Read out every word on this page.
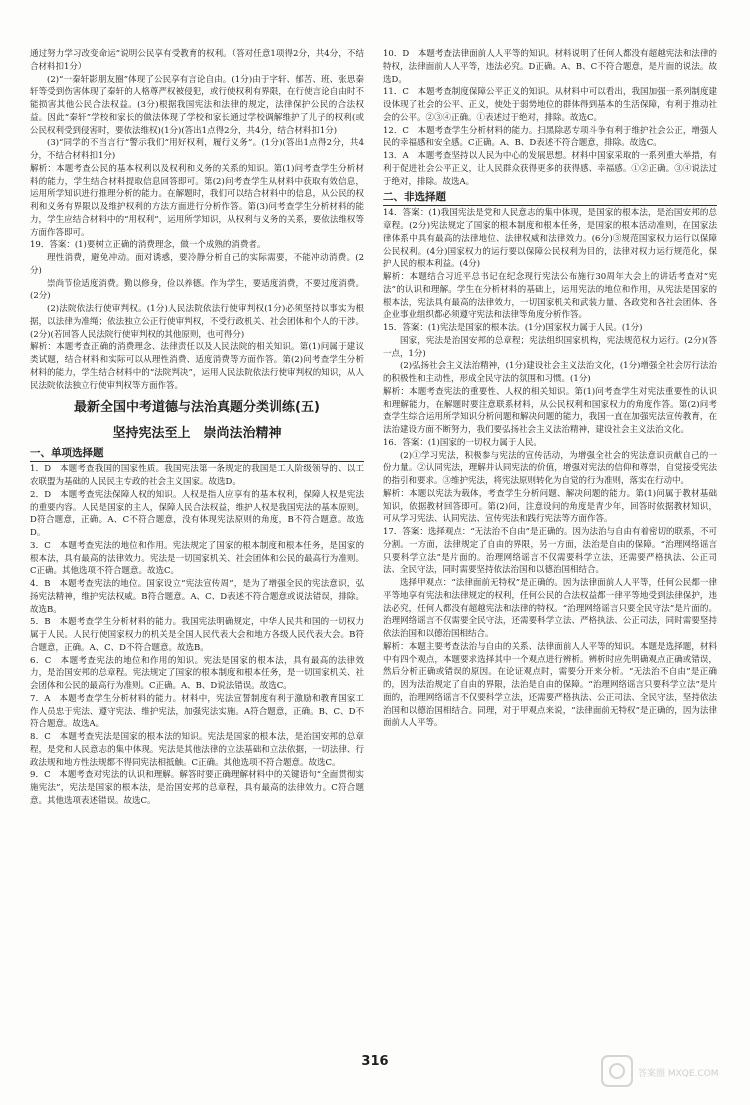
通过努力学习改变命运”说明公民享有受教育的权利。（答对任意1项得2分，共4分，不结合材料扣1分）

(2)“一秦轩影朋友圈”体现了公民享有言论自由。(1分)由于字轩、郁苦、班、张思秦轩等受到伤害体现了秦轩的人格尊严权被侵犯，或行使权利有界限，在行使言论自由时不能损害其他公民合法权益。(3分)根据我国宪法和法律的规定，法律保护公民的合法权益。因此“秦轩”学校和家长的做法体现了学校和家长通过学校调解维护了儿子的权利(或公民权利受到侵害时，要依法维权)(1分)(答出1点得2分，共4分，结合材料扣1分)

(3)“同学的不当言行”警示我们“用好权利，履行义务”。(1分)(答出1点得2分，共4分，不结合材料扣1分)

解析：本题考查公民的基本权利以及权利和义务的关系的知识。第(1)问考查学生分析材料的能力，学生结合材料提取信息回答即可。第(2)问考查学生从材料中获取有效信息，运用所学知识进行推理分析的能力。在解题时，我们可以结合材料中的信息，从公民的权利和义务有界限以及维护权利的方法方面进行分析作答。第(3)问考查学生分析材料的能力，学生应结合材料中的“用权利”，运用所学知识，从权利与义务的关系，要依法维权等方面作答即可。

19．答案：(1)要树立正确的消费理念，做一个成熟的消费者。

理性消费，避免冲动。面对诱惑，要冷静分析自己的实际需要，不能冲动消费。(2分)

崇尚节俭适度消费。勤以修身，俭以养德。作为学生，要适度消费，不要过度消费。(2分)

(2)法院依法行使审判权。(1分)人民法院依法行使审判权(1分)必须坚持以事实为根据，以法律为准绳；依法独立公正行使审判权，不受行政机关、社会团体和个人的干涉。(2分)(若回答人民法院行使审判权的其他原则，也可得分)

解析：本题考查正确的消费理念、法律责任以及人民法院的相关知识。第(1)问属于建议类试题，结合材料和实际可以从理性消费、适度消费等方面作答。第(2)问考查学生分析材料的能力，学生结合材料中的“法院判决”，运用人民法院依法行使审判权的知识，从人民法院依法独立行使审判权等方面作答。

最新全国中考道德与法治真题分类训练(五)

坚持宪法至上　崇尚法治精神

一、单项选择题

1．D　本题考查我国的国家性质。我国宪法第一条规定的我国是工人阶级领导的、以工农联盟为基础的人民民主专政的社会主义国家。故选D。

2．D　本题考查宪法保障人权的知识。人权是指人应享有的基本权利，保障人权是宪法的重要内容。人民是国家的主人，保障人民合法权益，维护人权是我国宪法的基本原则。D符合题意，正确。A、C不符合题意，没有体现宪法原则的角度，B不符合题意。故选D。

3．C　本题考查宪法的地位和作用。宪法规定了国家的根本制度和根本任务，是国家的根本法，具有最高的法律效力。宪法是一切国家机关、社会团体和公民的最高行为准则。C正确。其他选项不符合题意。故选C。

4．B　本题考查宪法的地位。国家设立“宪法宣传周”，是为了增强全民的宪法意识，弘扬宪法精神，维护宪法权威。B符合题意。A、C、D表述不符合题意或说法错误，排除。故选B。

5．B　本题考查学生分析材料的能力。我国宪法明确规定，中华人民共和国的一切权力属于人民。人民行使国家权力的机关是全国人民代表大会和地方各级人民代表大会。B符合题意，正确。A、C、D不符合题意。故选B。

6．C　本题考查宪法的地位和作用的知识。宪法是国家的根本法，具有最高的法律效力，是治国安邦的总章程。宪法规定了国家的根本制度和根本任务，是一切国家机关、社会团体和公民的最高行为准则。C正确。A、B、D说法错误。故选C。

7．A　本题考查学生分析材料的能力。材料中，宪法宣誓制度有利于激励和教育国家工作人员忠于宪法、遵守宪法、维护宪法，加强宪法实施。A符合题意，正确。B、C、D不符合题意。故选A。

8．C　本题考查宪法是国家的根本法的知识。宪法是国家的根本法，是治国安邦的总章程，是党和人民意志的集中体现。宪法是其他法律的立法基础和立法依据，一切法律、行政法规和地方性法规都不得同宪法相抵触。C正确。其他选项不符合题意。故选C。

9．C　本题考查对宪法的认识和理解。解答时要正确理解材料中的关键语句“全面贯彻实施宪法”，宪法是国家的根本法，是治国安邦的总章程，具有最高的法律效力。C符合题意。其他选项表述错误。故选C。

10．D　本题考查法律面前人人平等的知识。材料说明了任何人都没有超越宪法和法律的特权，法律面前人人平等，违法必究。D正确。A、B、C不符合题意，是片面的说法。故选D。

11．C　本题考查制度保障公平正义的知识。从材料中可以看出，我国加强一系列制度建设体现了社会的公平、正义，使处于弱势地位的群体得到基本的生活保障，有利于推动社会的公平。②③④正确。①表述过于绝对，排除。故选C。

12．C　本题考查学生分析材料的能力。扫黑除恶专项斗争有利于维护社会公正，增强人民的幸福感和安全感。C正确。A、B、D表述不符合题意，排除。故选C。

13．A　本题考查坚持以人民为中心的发展思想。材料中国家采取的一系列重大举措，有利于促进社会公平正义，让人民群众获得更多的获得感、幸福感。①②正确。③④说法过于绝对，排除。故选A。

二、非选择题

14．答案：(1)我国宪法是党和人民意志的集中体现，是国家的根本法，是治国安邦的总章程。(2分)宪法规定了国家的根本制度和根本任务，是国家的根本活动准则，在国家法律体系中具有最高的法律地位、法律权威和法律效力。(6分)③规范国家权力运行以保障公民权利。(4分)国家权力的运行要以保障公民权利为目的，法律对权力运行规范化，保护人民的根本利益。(4分)

解析：本题结合习近平总书记在纪念现行宪法公布施行30周年大会上的讲话考查对“宪法”的认识和理解。学生在分析材料的基础上，运用宪法的地位和作用，从宪法是国家的根本法，宪法具有最高的法律效力，一切国家机关和武装力量、各政党和各社会团体、各企业事业组织都必须遵守宪法和法律等角度分析作答。

15．答案：(1)宪法是国家的根本法。(1分)国家权力属于人民。(1分)

国家，宪法是治国安邦的总章程；宪法组织国家机构，宪法规范权力运行。(2分)(答一点，1分)

(2)弘扬社会主义法治精神，(1分)建设社会主义法治文化，(1分)增强全社会厉行法治的积极性和主动性，形成全民守法的氛围和习惯。(1分)

解析：本题考查宪法的重要性、人权的相关知识。第(1)问考查学生对宪法重要性的认识和理解能力，在解题时要注意联系材料，从公民权利和国家权力的角度作答。第(2)问考查学生综合运用所学知识分析问题和解决问题的能力，我国一直在加强宪法宣传教育，在法治建设方面不断努力，我们要弘扬社会主义法治精神，建设社会主义法治文化。

16．答案：(1)国家的一切权力属于人民。

(2)①学习宪法，积极参与宪法的宣传活动，为增强全社会的宪法意识贡献自己的一份力量。②认同宪法，理解并认同宪法的价值，增强对宪法的信仰和尊崇，自觉接受宪法的指引和要求。③维护宪法，将宪法原则转化为自觉的行为准则，落实在行动中。

解析：本题以宪法为载体，考查学生分析问题、解决问题的能力。第(1)问属于教材基础知识，依据教材回答即可。第(2)问，注意设问的角度是青少年，回答时依据教材知识，可从学习宪法、认同宪法、宣传宪法和践行宪法等方面作答。

17．答案：选择观点：“无法治不自由”是正确的。因为法治与自由有着密切的联系，不可分割。一方面，法律规定了自由的界限，另一方面，法治是自由的保障。“治理网络谣言只要科学立法”是片面的。治理网络谣言不仅需要科学立法，还需要严格执法、公正司法、全民守法，同时需要坚持依法治国和以德治国相结合。

选择甲观点：“法律面前无特权”是正确的。因为法律面前人人平等，任何公民都一律平等地享有宪法和法律规定的权利，任何公民的合法权益都一律平等地受到法律保护，违法必究，任何人都没有超越宪法和法律的特权。“治理网络谣言只要全民守法”是片面的。治理网络谣言不仅需要全民守法，还需要科学立法、严格执法、公正司法，同时需要坚持依法治国和以德治国相结合。

解析：本题主要考查法治与自由的关系、法律面前人人平等的知识。本题是选择题，材料中有四个观点，本题要求选择其中一个观点进行辨析。辨析时应先明确观点正确或错误，然后分析正确或错误的原因。在论证观点时，需要分开来分析。“无法治不自由”是正确的，因为法治规定了自由的界限，法治是自由的保障。“治理网络谣言只要科学立法”是片面的，治理网络谣言不仅要科学立法，还需要严格执法、公正司法、全民守法，坚持依法治国和以德治国相结合。同理，对于甲观点来说，“法律面前无特权”是正确的，因为法律面前人人平等。

316
答案圈 MXQE.COM
